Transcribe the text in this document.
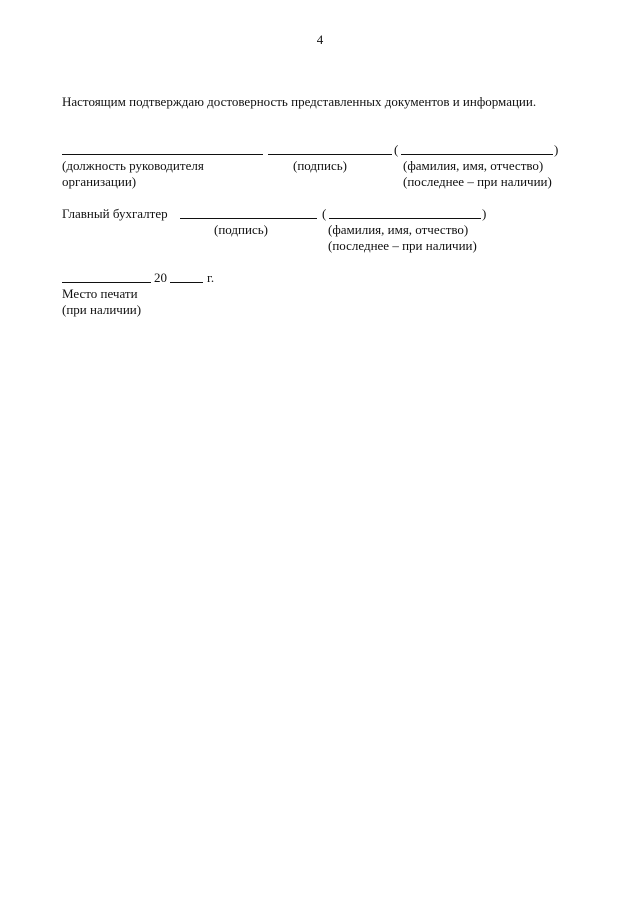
4
Настоящим подтверждаю достоверность представленных документов и информации.
(	)
(должность руководителя
организации)
(подпись)	(фамилия, имя, отчество)
(последнее – при наличии)
Главный бухгалтер	(	)
(подпись)	(фамилия, имя, отчество)
(последнее – при наличии)
20	г.
Место печати
(при наличии)
